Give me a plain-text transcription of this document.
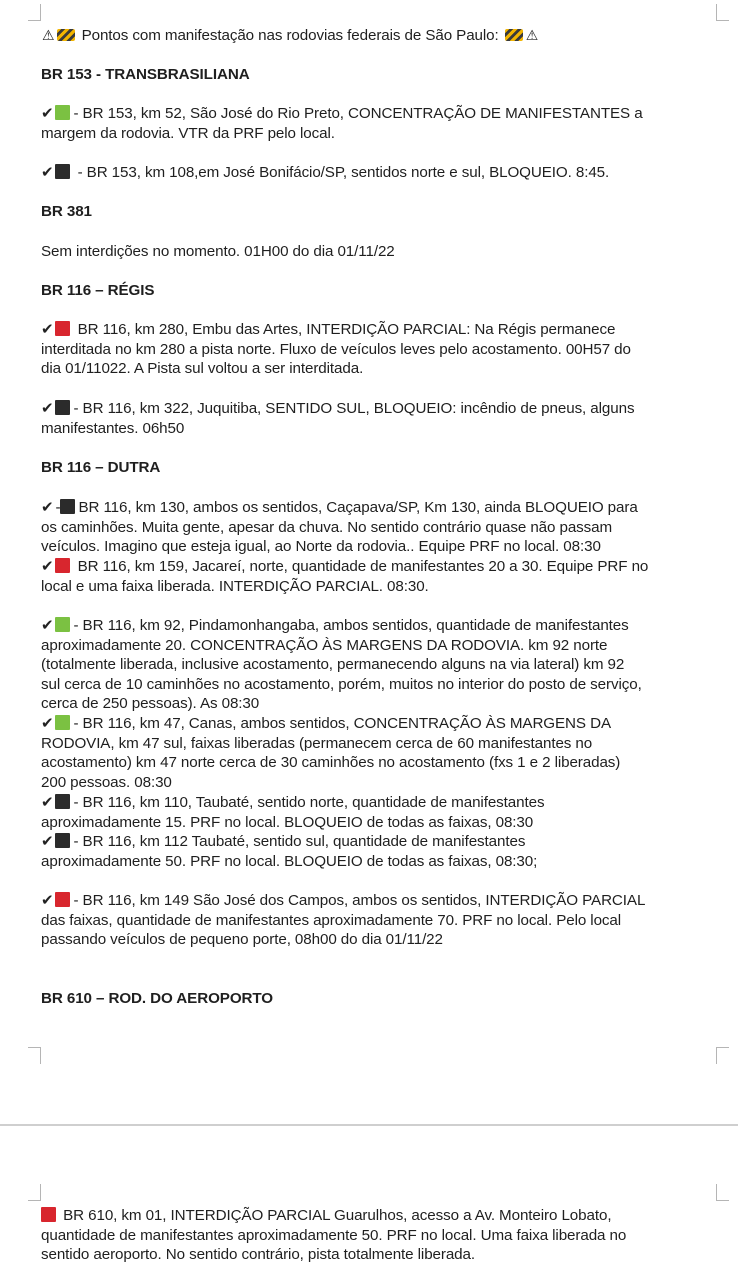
⚠ Pontos com manifestação nas rodovias federais de São Paulo: ⚠
BR 153 - TRANSBRASILIANA
✔ - BR 153, km 52, São José do Rio Preto, CONCENTRAÇÃO DE MANIFESTANTES a
margem da rodovia. VTR da PRF pelo local.
✔ - BR 153, km 108,em José Bonifácio/SP, sentidos norte e sul, BLOQUEIO. 8:45.
BR 381
Sem interdições no momento. 01H00 do dia 01/11/22
BR 116 – RÉGIS
✔ BR 116, km 280, Embu das Artes, INTERDIÇÃO PARCIAL: Na Régis permanece
interditada no km 280 a pista norte. Fluxo de veículos leves pelo acostamento. 00H57 do
dia 01/11022. A Pista sul voltou a ser interditada.
✔ - BR 116, km 322, Juquitiba, SENTIDO SUL, BLOQUEIO: incêndio de pneus, alguns
manifestantes. 06h50
BR 116 – DUTRA
✔ - BR 116, km 130, ambos os sentidos, Caçapava/SP, Km 130, ainda BLOQUEIO para
os caminhões. Muita gente, apesar da chuva. No sentido contrário quase não passam
veículos. Imagino que esteja igual, ao Norte da rodovia.. Equipe PRF no local. 08:30
✔ BR 116, km 159, Jacareí, norte, quantidade de manifestantes 20 a 30. Equipe PRF no
local e uma faixa liberada. INTERDIÇÃO PARCIAL. 08:30.
✔ - BR 116, km 92, Pindamonhangaba, ambos sentidos, quantidade de manifestantes
aproximadamente 20. CONCENTRAÇÃO ÀS MARGENS DA RODOVIA. km 92 norte
(totalmente liberada, inclusive acostamento, permanecendo alguns na via lateral) km 92
sul cerca de 10 caminhões no acostamento, porém, muitos no interior do posto de serviço,
cerca de 250 pessoas). As 08:30
✔ - BR 116, km 47, Canas, ambos sentidos, CONCENTRAÇÃO ÀS MARGENS DA
RODOVIA, km 47 sul, faixas liberadas (permanecem cerca de 60 manifestantes no
acostamento) km 47 norte cerca de 30 caminhões no acostamento (fxs 1 e 2 liberadas)
200 pessoas. 08:30
✔ - BR 116, km 110, Taubaté, sentido norte, quantidade de manifestantes
aproximadamente 15. PRF no local. BLOQUEIO de todas as faixas, 08:30
✔ - BR 116, km 112 Taubaté, sentido sul, quantidade de manifestantes
aproximadamente 50. PRF no local. BLOQUEIO de todas as faixas, 08:30;
✔ - BR 116, km 149 São José dos Campos, ambos os sentidos, INTERDIÇÃO PARCIAL
das faixas, quantidade de manifestantes aproximadamente 70. PRF no local. Pelo local
passando veículos de pequeno porte, 08h00 do dia 01/11/22
BR 610 – ROD. DO AEROPORTO
BR 610, km 01, INTERDIÇÃO PARCIAL Guarulhos, acesso a Av. Monteiro Lobato,
quantidade de manifestantes aproximadamente 50. PRF no local. Uma faixa liberada no
sentido aeroporto. No sentido contrário, pista totalmente liberada.
